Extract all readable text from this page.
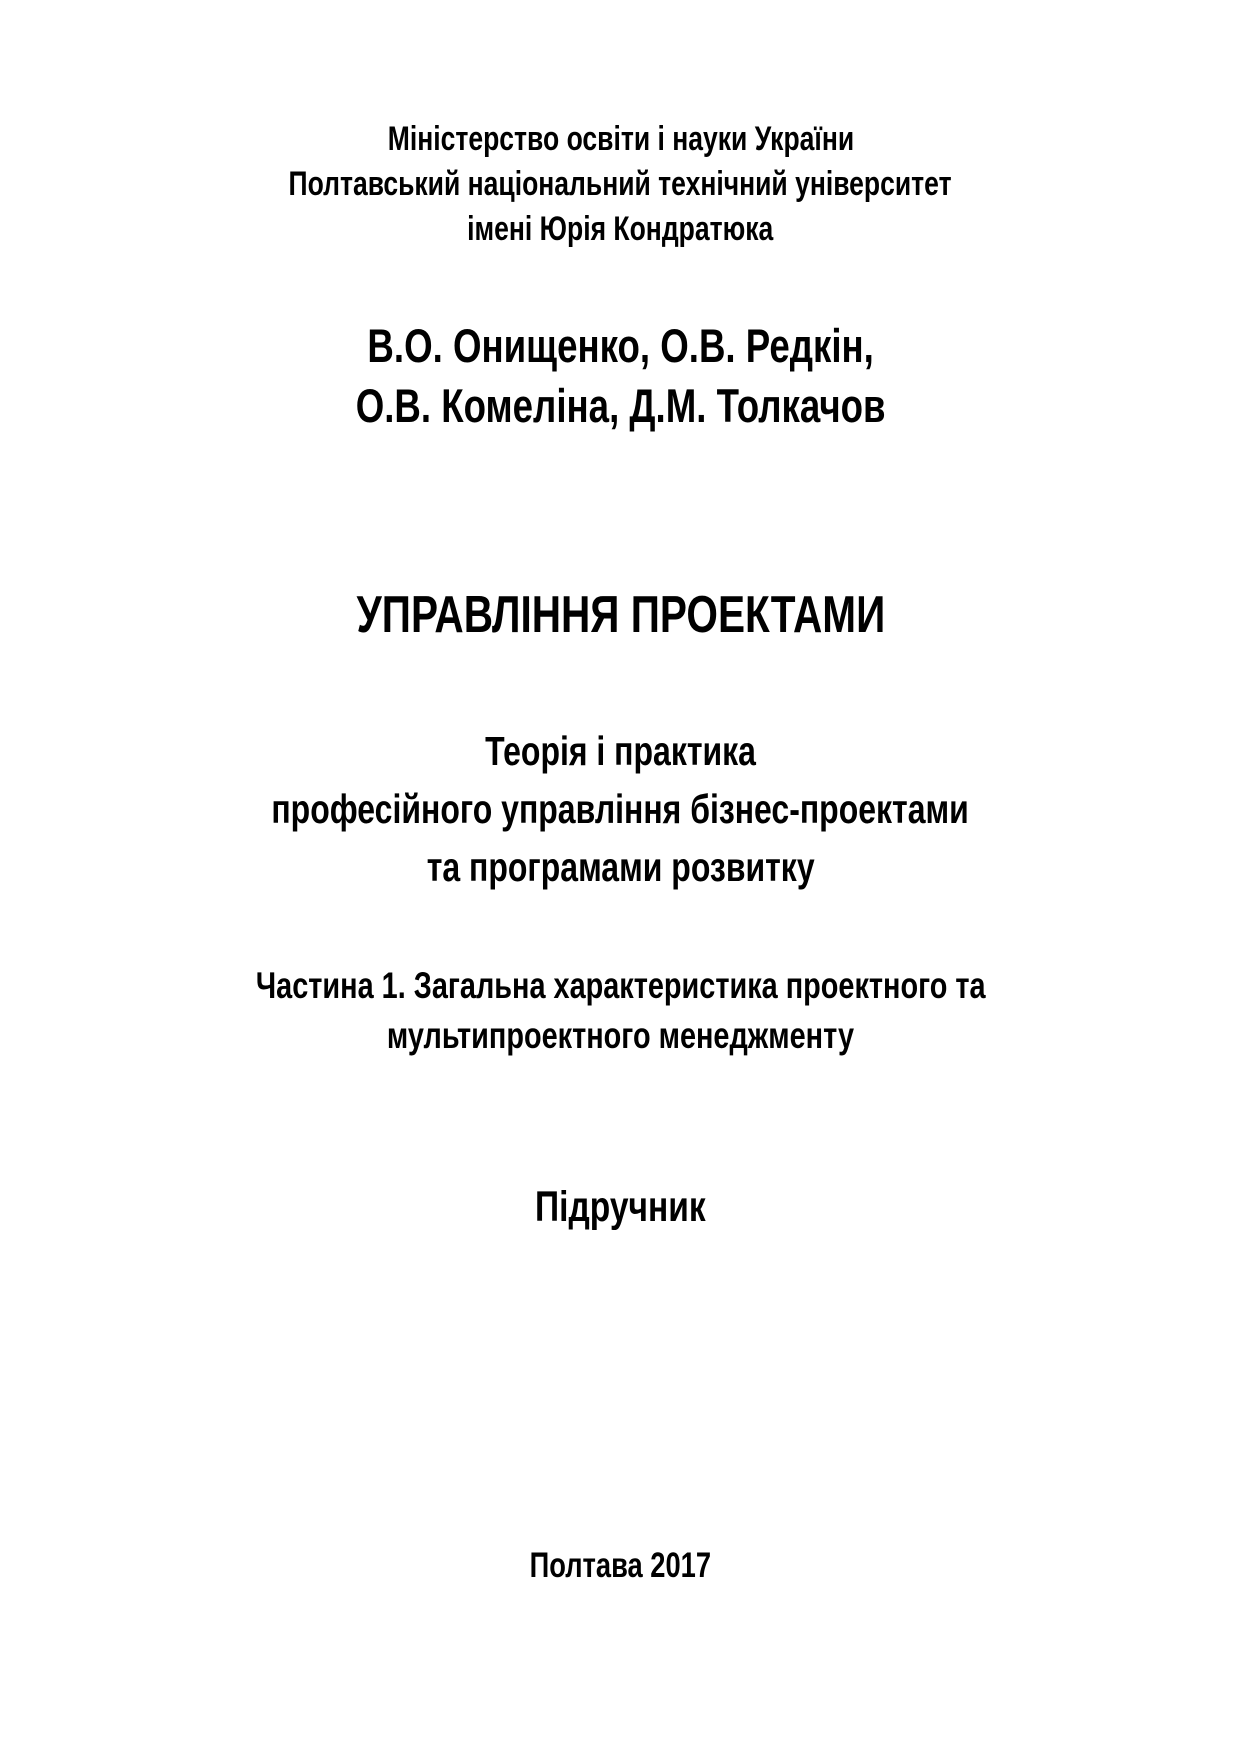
Міністерство освіти і науки України
Полтавський національний технічний університет
імені Юрія Кондратюка
В.О. Онищенко, О.В. Редкін,
О.В. Комеліна, Д.М. Толкачов
УПРАВЛІННЯ ПРОЕКТАМИ
Теорія і практика
професійного управління бізнес-проектами
та програмами розвитку
Частина 1. Загальна характеристика проектного та
мультипроектного менеджменту
Підручник
Полтава 2017
